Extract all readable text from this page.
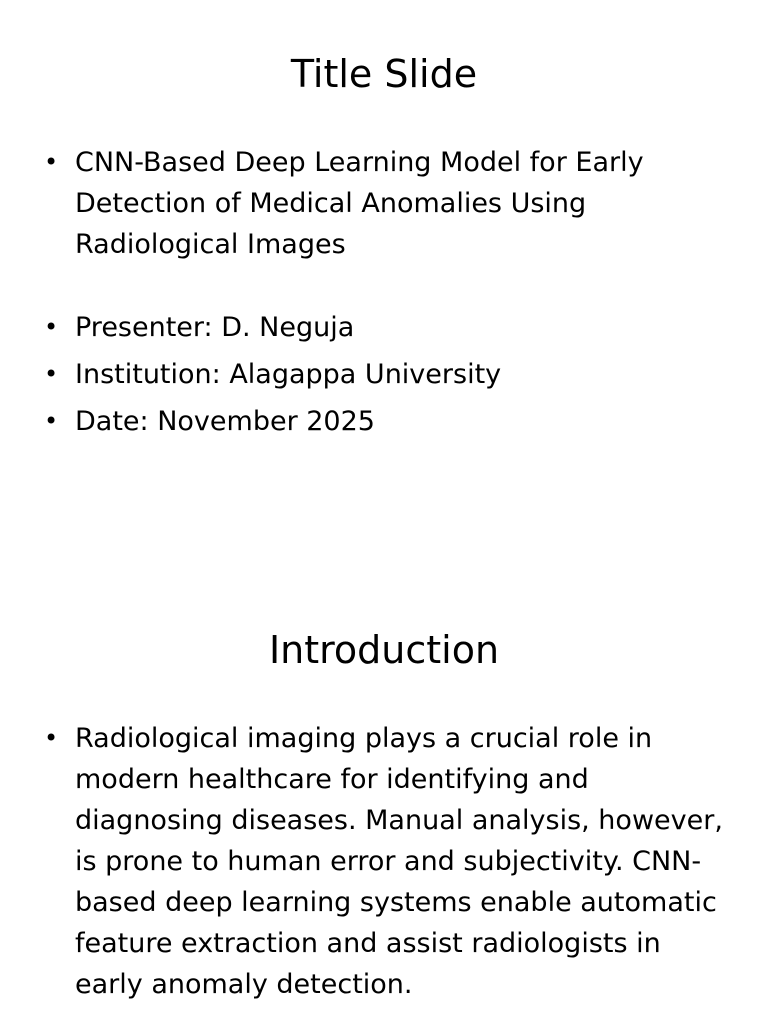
Title Slide
• CNN-Based Deep Learning Model for Early Detection of Medical Anomalies Using Radiological Images
• Presenter: D. Neguja
• Institution: Alagappa University
• Date: November 2025
Introduction
• Radiological imaging plays a crucial role in modern healthcare for identifying and diagnosing diseases. Manual analysis, however, is prone to human error and subjectivity. CNN-based deep learning systems enable automatic feature extraction and assist radiologists in early anomaly detection.
